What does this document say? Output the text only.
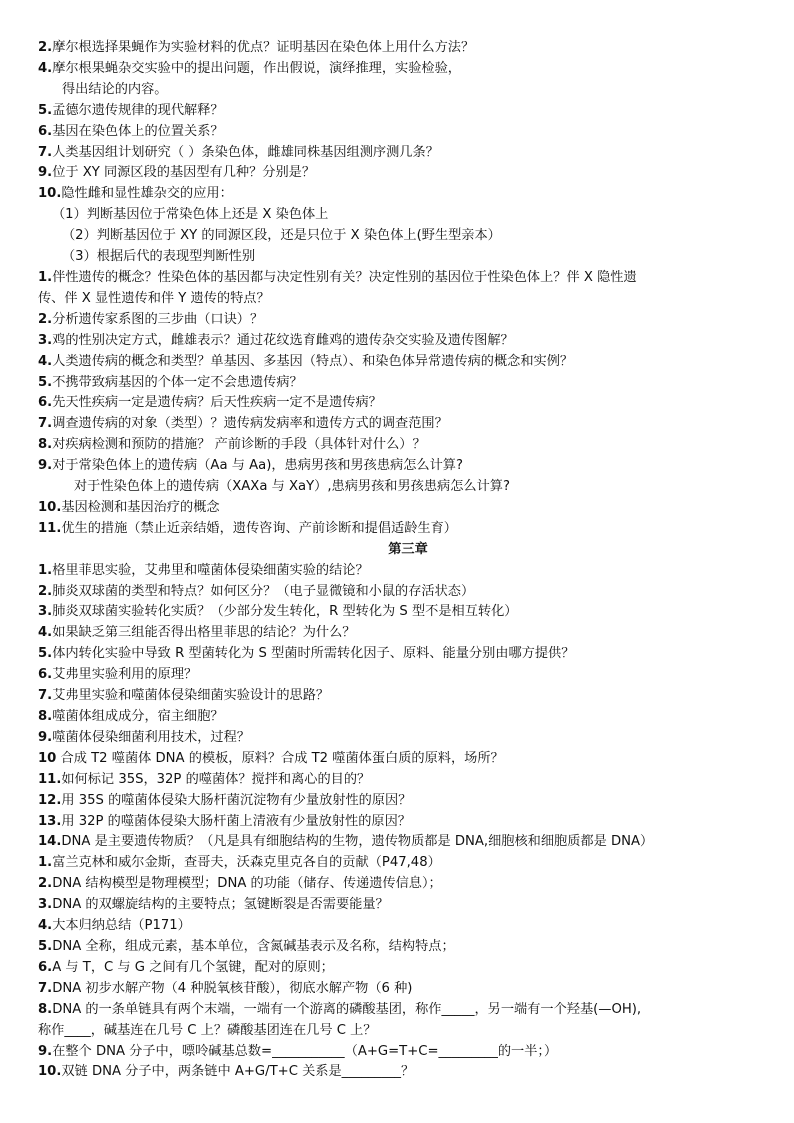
2.摩尔根选择果蝇作为实验材料的优点？证明基因在染色体上用什么方法？
4.摩尔根果蝇杂交实验中的提出问题，作出假说，演绎推理，实验检验，
得出结论的内容。
5.孟德尔遗传规律的现代解释？
6.基因在染色体上的位置关系？
7.人类基因组计划研究（ ）条染色体，雌雄同株基因组测序测几条？
9.位于 XY 同源区段的基因型有几种？分别是？
10.隐性雌和显性雄杂交的应用：
（1）判断基因位于常染色体上还是 X 染色体上
（2）判断基因位于 XY 的同源区段，还是只位于 X 染色体上(野生型亲本）
（3）根据后代的表现型判断性别
1.伴性遗传的概念？性染色体的基因都与决定性别有关？决定性别的基因位于性染色体上？伴 X 隐性遗
传、伴 X 显性遗传和伴 Y 遗传的特点？
2.分析遗传家系图的三步曲（口诀）？
3.鸡的性别决定方式，雌雄表示？通过花纹选育雌鸡的遗传杂交实验及遗传图解？
4.人类遗传病的概念和类型？单基因、多基因（特点）、和染色体异常遗传病的概念和实例？
5.不携带致病基因的个体一定不会患遗传病？
6.先天性疾病一定是遗传病？后天性疾病一定不是遗传病？
7.调查遗传病的对象（类型）？遗传病发病率和遗传方式的调查范围？
8.对疾病检测和预防的措施？ 产前诊断的手段（具体针对什么）？
9.对于常染色体上的遗传病（Aa 与 Aa)，患病男孩和男孩患病怎么计算?
对于性染色体上的遗传病（XAXa 与 XaY）,患病男孩和男孩患病怎么计算?
10.基因检测和基因治疗的概念
11.优生的措施（禁止近亲结婚，遗传咨询、产前诊断和提倡适龄生育）
第三章
1.格里菲思实验，艾弗里和噬菌体侵染细菌实验的结论？
2.肺炎双球菌的类型和特点？如何区分？（电子显微镜和小鼠的存活状态）
3.肺炎双球菌实验转化实质？（少部分发生转化，R 型转化为 S 型不是相互转化）
4.如果缺乏第三组能否得出格里菲思的结论？为什么？
5.体内转化实验中导致 R 型菌转化为 S 型菌时所需转化因子、原料、能量分别由哪方提供？
6.艾弗里实验利用的原理？
7.艾弗里实验和噬菌体侵染细菌实验设计的思路？
8.噬菌体组成成分，宿主细胞？
9.噬菌体侵染细菌利用技术，过程？
10 合成 T2 噬菌体 DNA 的模板，原料？合成 T2 噬菌体蛋白质的原料，场所？
11.如何标记 35S，32P 的噬菌体？搅拌和离心的目的？
12.用 35S 的噬菌体侵染大肠杆菌沉淀物有少量放射性的原因？
13.用 32P 的噬菌体侵染大肠杆菌上清液有少量放射性的原因？
14.DNA 是主要遗传物质？（凡是具有细胞结构的生物，遗传物质都是 DNA,细胞核和细胞质都是 DNA）
1.富兰克林和威尔金斯，查哥夫，沃森克里克各自的贡献（P47,48）
2.DNA 结构模型是物理模型；DNA 的功能（储存、传递遗传信息）；
3.DNA 的双螺旋结构的主要特点；氢键断裂是否需要能量？
4.大本归纳总结（P171）
5.DNA 全称，组成元素，基本单位，含氮碱基表示及名称，结构特点；
6.A 与 T，C 与 G 之间有几个氢键，配对的原则；
7.DNA 初步水解产物（4 种脱氧核苷酸），彻底水解产物（6 种)
8.DNA 的一条单链具有两个末端，一端有一个游离的磷酸基团，称作_____，另一端有一个羟基(—OH),
称作____，碱基连在几号 C 上？磷酸基团连在几号 C 上？
9.在整个 DNA 分子中，嘌呤碱基总数=___________（A+G=T+C=_________的一半；）
10.双链 DNA 分子中，两条链中 A+G/T+C 关系是_________？
